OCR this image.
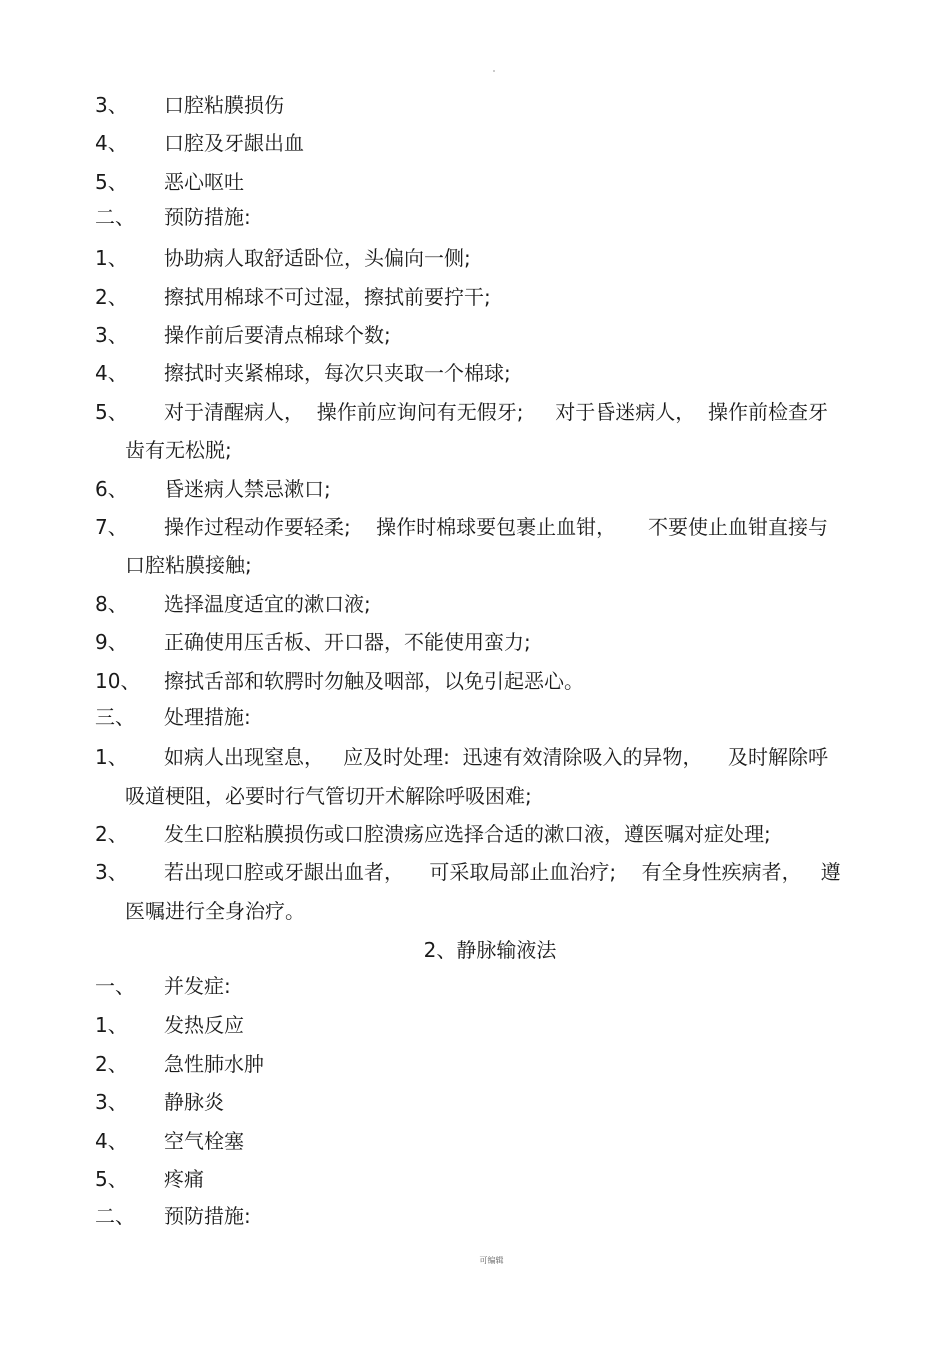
3、 口腔粘膜损伤
4、 口腔及牙龈出血
5、 恶心呕吐
二、 预防措施:
1、 协助病人取舒适卧位，头偏向一侧;
2、 擦拭用棉球不可过湿，擦拭前要拧干;
3、 操作前后要清点棉球个数;
4、 擦拭时夹紧棉球，每次只夹取一个棉球;
5、 对于清醒病人，  操作前应询问有无假牙;     对于昏迷病人，  操作前检查牙
齿有无松脱;
6、 昏迷病人禁忌漱口;
7、 操作过程动作要轻柔;    操作时棉球要包裹止血钳，     不要使止血钳直接与
口腔粘膜接触;
8、 选择温度适宜的漱口液;
9、 正确使用压舌板、开口器，不能使用蛮力;
10、 擦拭舌部和软腭时勿触及咽部，以免引起恶心。
三、 处理措施:
1、 如病人出现窒息，   应及时处理:  迅速有效清除吸入的异物，    及时解除呼
吸道梗阻，必要时行气管切开术解除呼吸困难;
2、 发生口腔粘膜损伤或口腔溃疡应选择合适的漱口液，遵医嘱对症处理;
3、 若出现口腔或牙龈出血者，    可采取局部止血治疗;    有全身性疾病者，   遵
医嘱进行全身治疗。
2、静脉输液法
一、 并发症:
1、 发热反应
2、 急性肺水肿
3、 静脉炎
4、 空气栓塞
5、 疼痛
二、 预防措施:
可编辑
